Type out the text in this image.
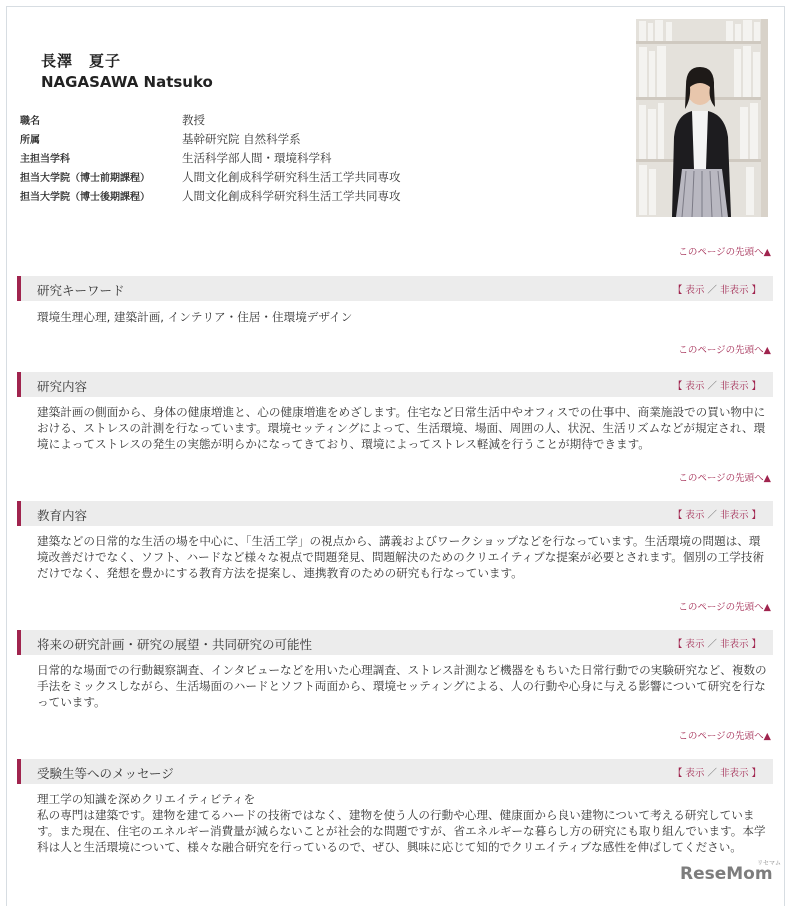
長澤　夏子
NAGASAWA Natsuko
職名	教授
所属	基幹研究院 自然科学系
主担当学科	生活科学部人間・環境科学科
担当大学院（博士前期課程）	人間文化創成科学研究科生活工学共同専攻
担当大学院（博士後期課程）	人間文化創成科学研究科生活工学共同専攻
このページの先頭へ▲
研究キーワード	【 表示 ／ 非表示 】
環境生理心理, 建築計画, インテリア・住居・住環境デザイン
このページの先頭へ▲
研究内容	【 表示 ／ 非表示 】
建築計画の側面から、身体の健康増進と、心の健康増進をめざします。住宅など日常生活中やオフィスでの仕事中、商業施設での買い物中に
おける、ストレスの計測を行なっています。環境セッティングによって、生活環境、場面、周囲の人、状況、生活リズムなどが規定され、環
境によってストレスの発生の実態が明らかになってきており、環境によってストレス軽減を行うことが期待できます。
このページの先頭へ▲
教育内容	【 表示 ／ 非表示 】
建築などの日常的な生活の場を中心に、「生活工学」の視点から、講義およびワークショップなどを行なっています。生活環境の問題は、環
境改善だけでなく、ソフト、ハードなど様々な視点で問題発見、問題解決のためのクリエイティブな提案が必要とされます。個別の工学技術
だけでなく、発想を豊かにする教育方法を提案し、連携教育のための研究も行なっています。
このページの先頭へ▲
将来の研究計画・研究の展望・共同研究の可能性	【 表示 ／ 非表示 】
日常的な場面での行動観察調査、インタビューなどを用いた心理調査、ストレス計測など機器をもちいた日常行動での実験研究など、複数の
手法をミックスしながら、生活場面のハードとソフト両面から、環境セッティングによる、人の行動や心身に与える影響について研究を行な
っています。
このページの先頭へ▲
受験生等へのメッセージ	【 表示 ／ 非表示 】
理工学の知識を深めクリエイティビティを
私の専門は建築です。建物を建てるハードの技術ではなく、建物を使う人の行動や心理、健康面から良い建物について考える研究していま
す。また現在、住宅のエネルギー消費量が減らないことが社会的な問題ですが、省エネルギーな暮らし方の研究にも取り組んでいます。本学
科は人と生活環境について、様々な融合研究を行っているので、ぜひ、興味に応じて知的でクリエイティブな感性を伸ばしてください。
リセマム
ReseMom
